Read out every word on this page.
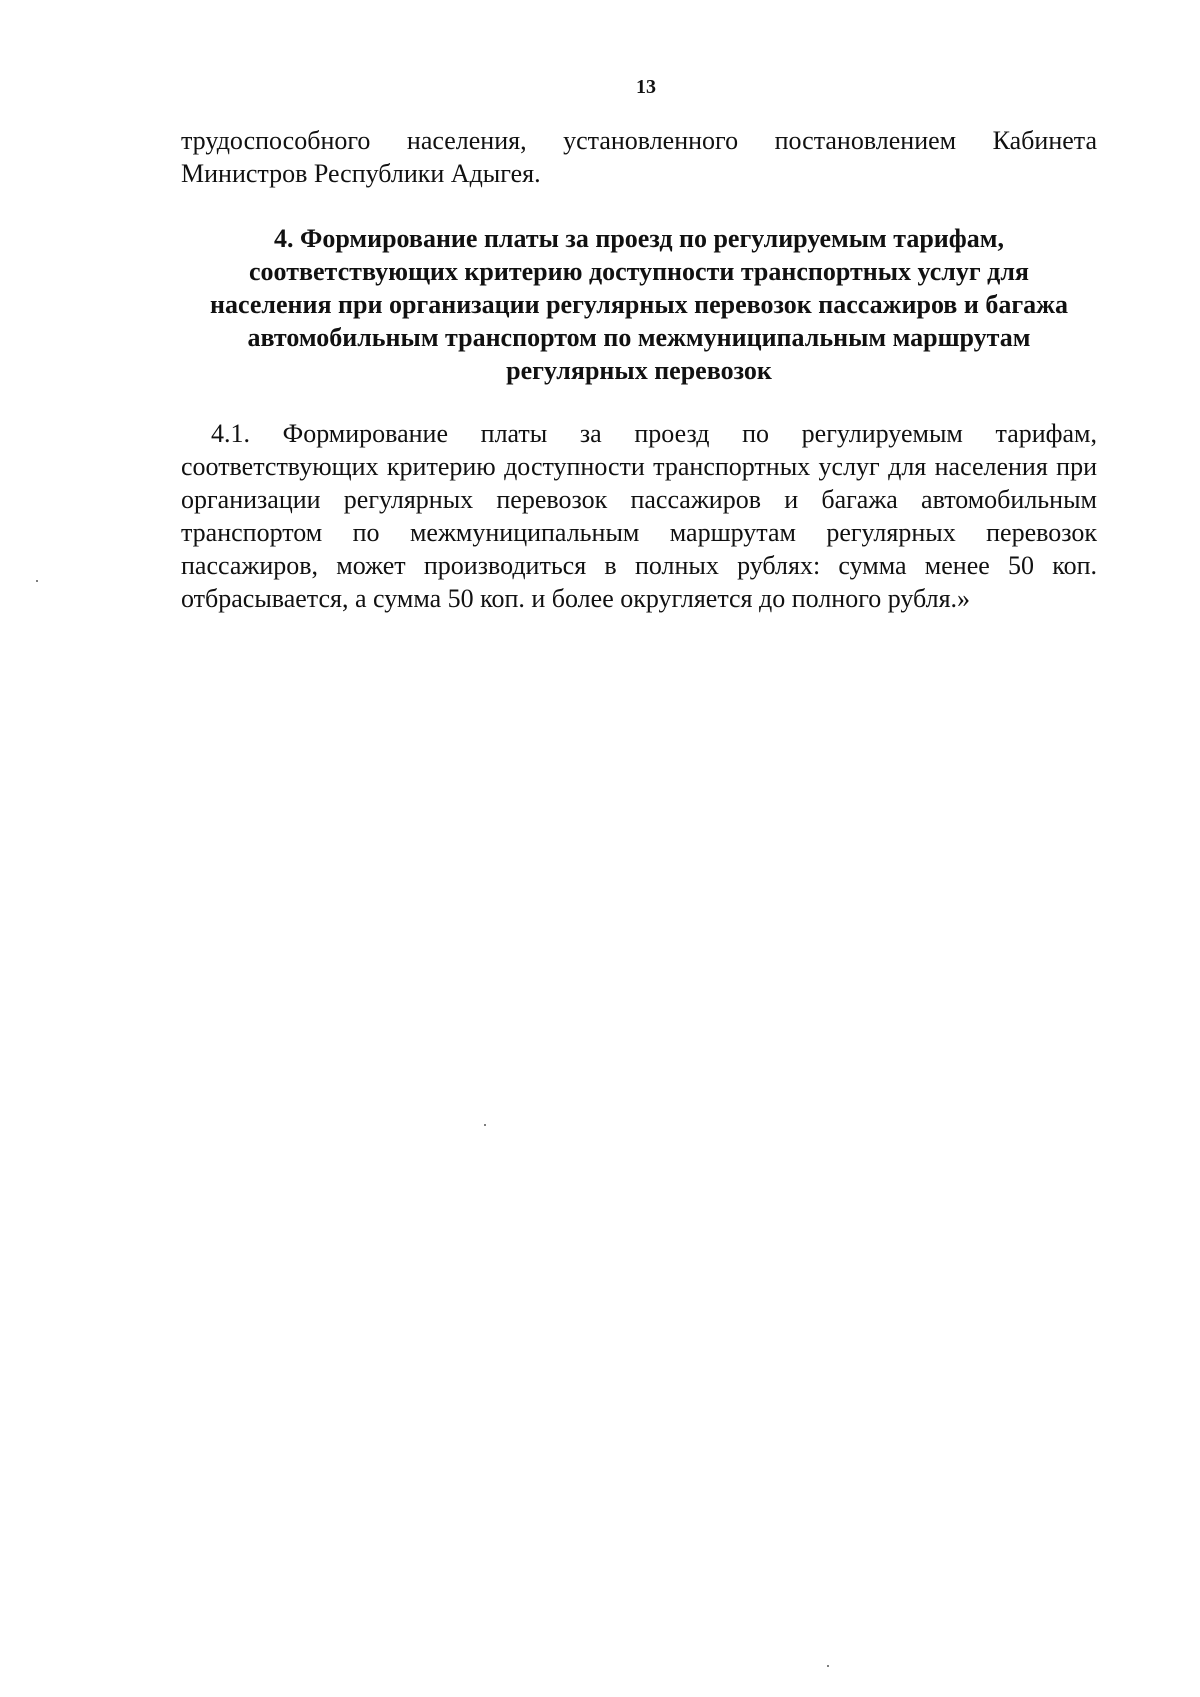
13

трудоспособного населения, установленного постановлением Кабинета Министров Республики Адыгея.

4. Формирование платы за проезд по регулируемым тарифам, соответствующих критерию доступности транспортных услуг для населения при организации регулярных перевозок пассажиров и багажа автомобильным транспортом по межмуниципальным маршрутам регулярных перевозок

4.1. Формирование платы за проезд по регулируемым тарифам, соответствующих критерию доступности транспортных услуг для населения при организации регулярных перевозок пассажиров и багажа автомобильным транспортом по межмуниципальным маршрутам регулярных перевозок пассажиров, может производиться в полных рублях: сумма менее 50 коп. отбрасывается, а сумма 50 коп. и более округляется до полного рубля.»
